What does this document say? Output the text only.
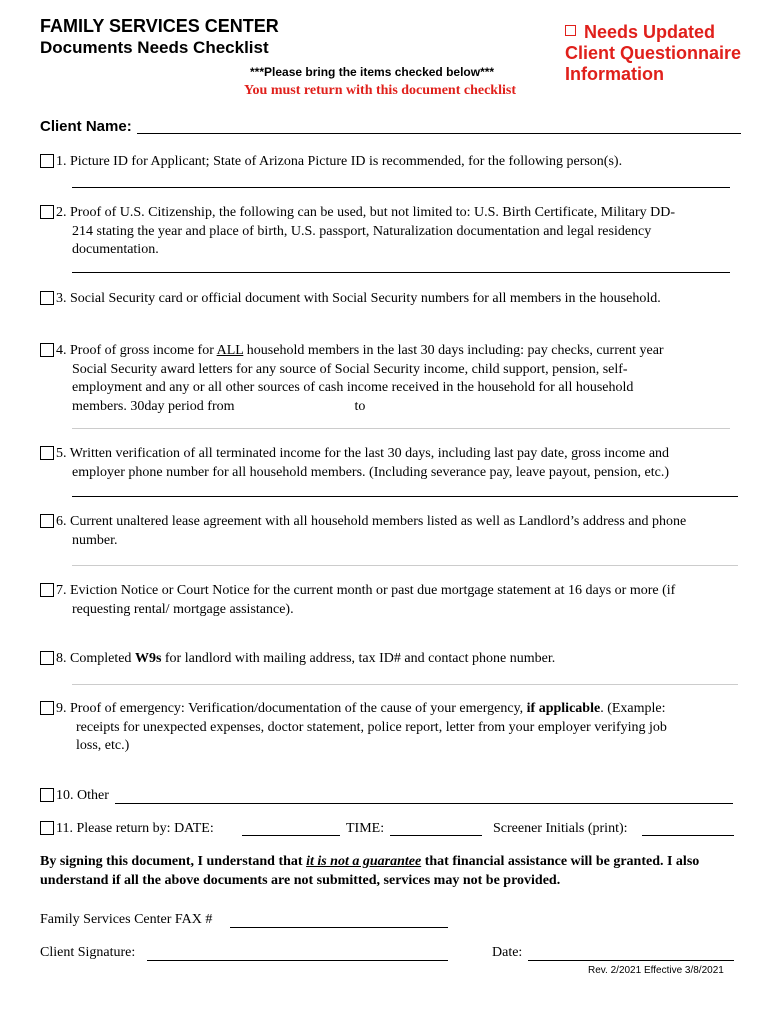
FAMILY SERVICES CENTER
Documents Needs Checklist
***Please bring the items checked below***
You must return with this document checklist
Needs Updated
Client Questionnaire
Information
Client Name:
1. Picture ID for Applicant; State of Arizona Picture ID is recommended, for the following person(s).
2. Proof of U.S. Citizenship, the following can be used, but not limited to: U.S. Birth Certificate, Military DD-
214 stating the year and place of birth, U.S. passport, Naturalization documentation and legal residency
documentation.
3. Social Security card or official document with Social Security numbers for all members in the household.
4. Proof of gross income for ALL household members in the last 30 days including: pay checks, current year
Social Security award letters for any source of Social Security income, child support, pension, self-
employment and any or all other sources of cash income received in the household for all household
members. 30day period from	to
5. Written verification of all terminated income for the last 30 days, including last pay date, gross income and
employer phone number for all household members. (Including severance pay, leave payout, pension, etc.)
6. Current unaltered lease agreement with all household members listed as well as Landlord’s address and phone
number.
7. Eviction Notice or Court Notice for the current month or past due mortgage statement at 16 days or more (if
requesting rental/ mortgage assistance).
8. Completed W9s for landlord with mailing address, tax ID# and contact phone number.
9. Proof of emergency: Verification/documentation of the cause of your emergency, if applicable. (Example:
receipts for unexpected expenses, doctor statement, police report, letter from your employer verifying job
loss, etc.)
10. Other
11. Please return by: DATE:	TIME:	Screener Initials (print):
By signing this document, I understand that it is not a guarantee that financial assistance will be granted. I also understand if all the above documents are not submitted, services may not be provided.
Family Services Center FAX #
Client Signature:	Date:
Rev. 2/2021 Effective 3/8/2021
